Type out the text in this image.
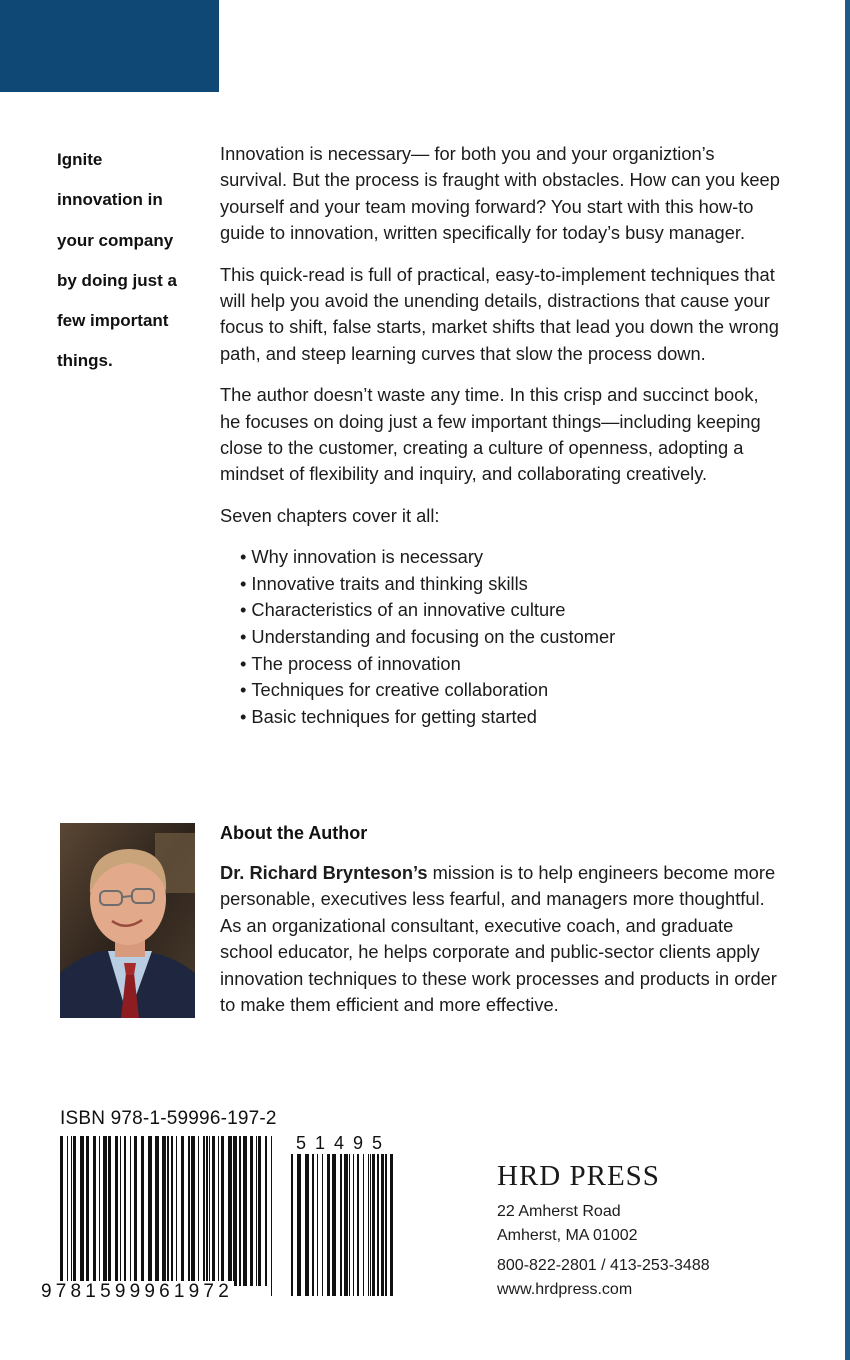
Ignite
innovation in
your company
by doing just a
few important
things.

Innovation is necessary— for both you and your organiztion’s survival. But the process is fraught with obstacles. How can you keep yourself and your team moving forward? You start with this how-to guide to innovation, written specifically for today’s busy manager.

This quick-read is full of practical, easy-to-implement techniques that will help you avoid the unending details, distractions that cause your focus to shift, false starts, market shifts that lead you down the wrong path, and steep learning curves that slow the process down.

The author doesn’t waste any time. In this crisp and succinct book, he focuses on doing just a few important things—including keeping close to the customer, creating a culture of openness, adopting a mindset of flexibility and inquiry, and collaborating creatively.

Seven chapters cover it all:

• Why innovation is necessary
• Innovative traits and thinking skills
• Characteristics of an innovative culture
• Understanding and focusing on the customer
• The process of innovation
• Techniques for creative collaboration
• Basic techniques for getting started
About the Author
Dr. Richard Brynteson’s mission is to help engineers become more personable, executives less fearful, and managers more thoughtful. As an organizational consultant, executive coach, and graduate school educator, he helps corporate and public-sector clients apply innovation techniques to these work processes and products in order to make them efficient and more effective.
ISBN 978-1-59996-197-2
51495
9781599961972
HRD PRESS
22 Amherst Road
Amherst, MA 01002
800-822-2801 / 413-253-3488
www.hrdpress.com
